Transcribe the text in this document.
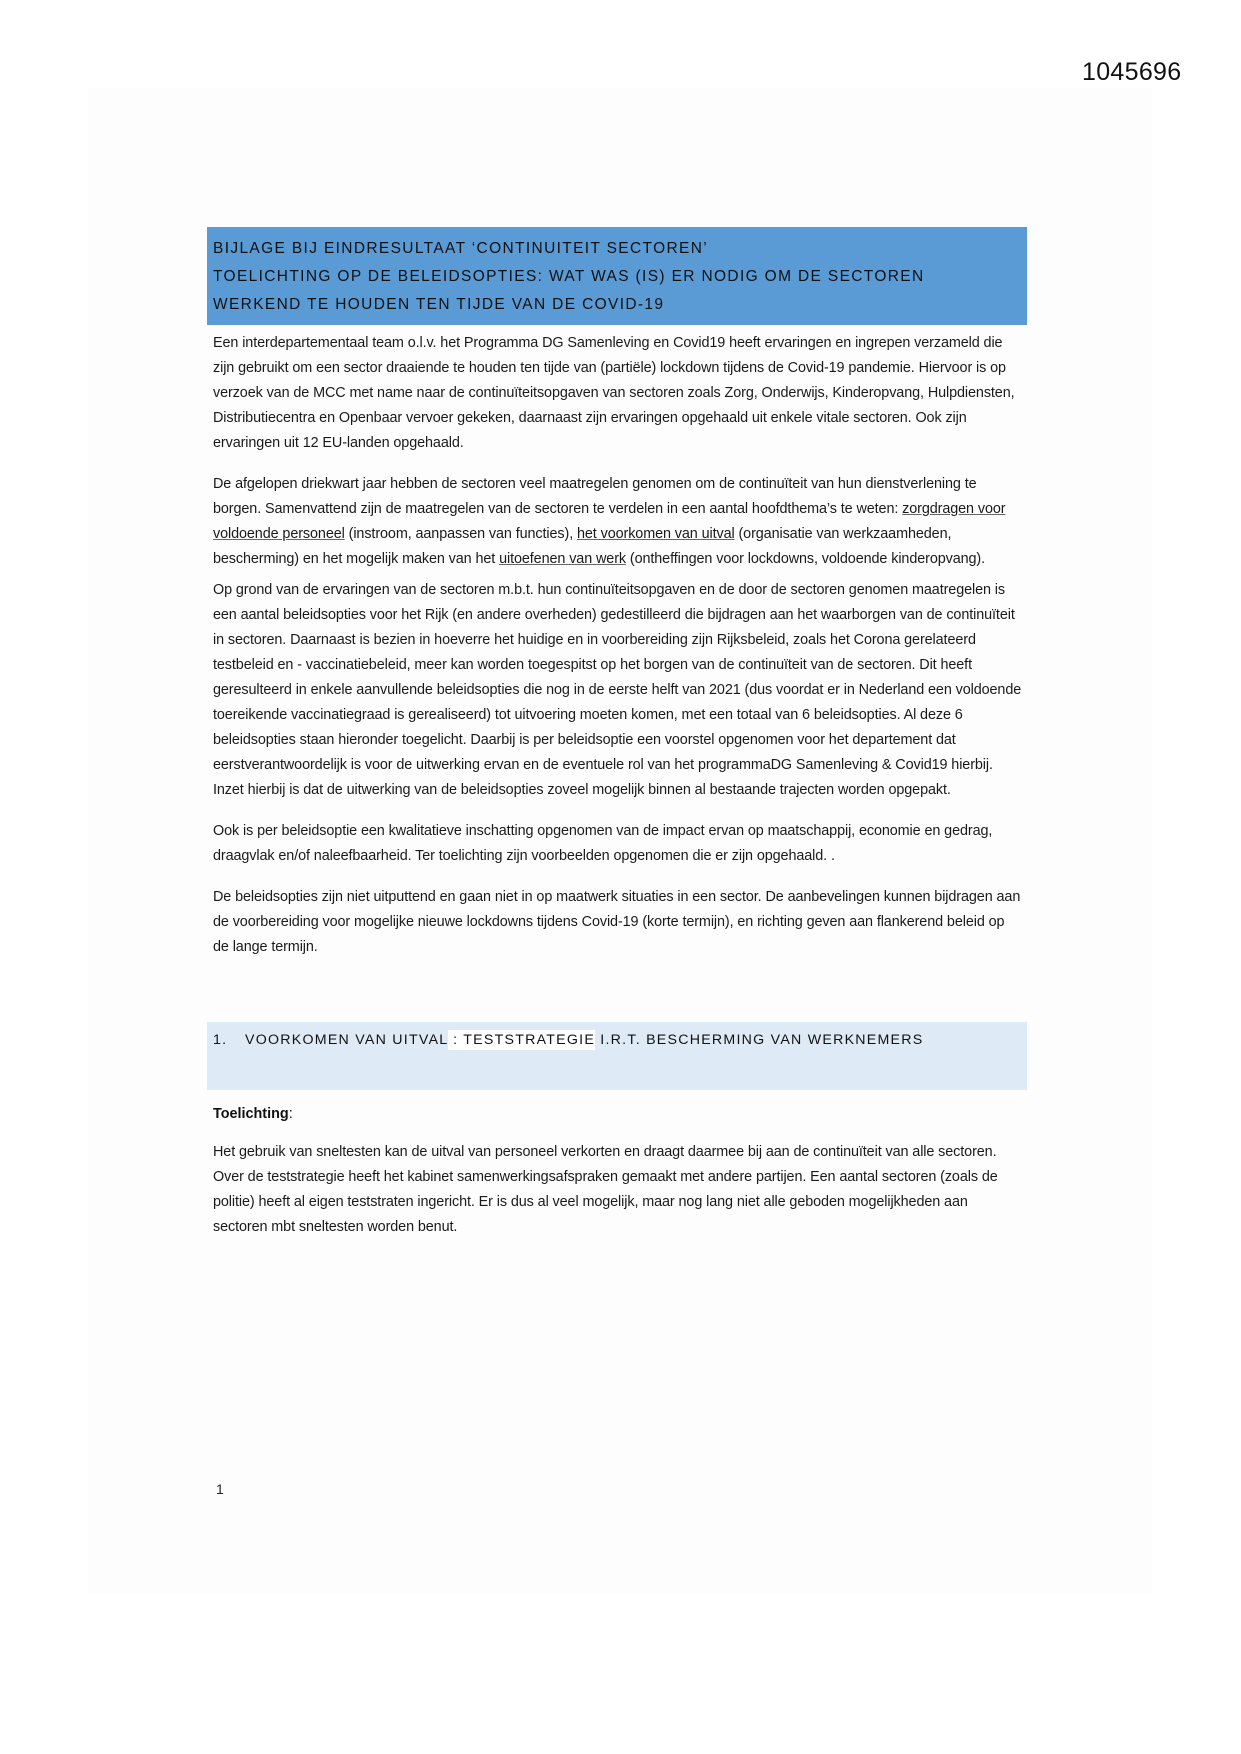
1045696
BIJLAGE BIJ EINDRESULTAAT ‘CONTINUITEIT SECTOREN’
TOELICHTING OP DE BELEIDSOPTIES: WAT WAS (IS) ER NODIG OM DE SECTOREN
WERKEND TE HOUDEN TEN TIJDE VAN DE COVID-19

Een interdepartementaal team o.l.v. het Programma DG Samenleving en Covid19 heeft ervaringen en ingrepen verzameld die zijn gebruikt om een sector draaiende te houden ten tijde van (partiële) lockdown tijdens de Covid-19 pandemie. Hiervoor is op verzoek van de MCC met name naar de continuïteitsopgaven van sectoren zoals Zorg, Onderwijs, Kinderopvang, Hulpdiensten, Distributiecentra en Openbaar vervoer gekeken, daarnaast zijn ervaringen opgehaald uit enkele vitale sectoren. Ook zijn ervaringen uit 12 EU-landen opgehaald.

De afgelopen driekwart jaar hebben de sectoren veel maatregelen genomen om de continuïteit van hun dienstverlening te borgen. Samenvattend zijn de maatregelen van de sectoren te verdelen in een aantal hoofdthema’s te weten: zorgdragen voor voldoende personeel (instroom, aanpassen van functies), het voorkomen van uitval (organisatie van werkzaamheden, bescherming) en het mogelijk maken van het uitoefenen van werk (ontheffingen voor lockdowns, voldoende kinderopvang).

Op grond van de ervaringen van de sectoren m.b.t. hun continuïteitsopgaven en de door de sectoren genomen maatregelen is een aantal beleidsopties voor het Rijk (en andere overheden) gedestilleerd die bijdragen aan het waarborgen van de continuïteit in sectoren. Daarnaast is bezien in hoeverre het huidige en in voorbereiding zijn Rijksbeleid, zoals het Corona gerelateerd testbeleid en - vaccinatiebeleid, meer kan worden toegespitst op het borgen van de continuïteit van de sectoren. Dit heeft geresulteerd in enkele aanvullende beleidsopties die nog in de eerste helft van 2021 (dus voordat er in Nederland een voldoende toereikende vaccinatiegraad is gerealiseerd) tot uitvoering moeten komen, met een totaal van 6 beleidsopties. Al deze 6 beleidsopties staan hieronder toegelicht. Daarbij is per beleidsoptie een voorstel opgenomen voor het departement dat eerstverantwoordelijk is voor de uitwerking ervan en de eventuele rol van het programmaDG Samenleving & Covid19 hierbij. Inzet hierbij is dat de uitwerking van de beleidsopties zoveel mogelijk binnen al bestaande trajecten worden opgepakt.

Ook is per beleidsoptie een kwalitatieve inschatting opgenomen van de impact ervan op maatschappij, economie en gedrag, draagvlak en/of naleefbaarheid. Ter toelichting zijn voorbeelden opgenomen die er zijn opgehaald. .

De beleidsopties zijn niet uitputtend en gaan niet in op maatwerk situaties in een sector. De aanbevelingen kunnen bijdragen aan de voorbereiding voor mogelijke nieuwe lockdowns tijdens Covid-19 (korte termijn), en richting geven aan flankerend beleid op de lange termijn.

1. VOORKOMEN VAN UITVAL : TESTSTRATEGIE I.R.T. BESCHERMING VAN WERKNEMERS
Toelichting:

Het gebruik van sneltesten kan de uitval van personeel verkorten en draagt daarmee bij aan de continuïteit van alle sectoren. Over de teststrategie heeft het kabinet samenwerkingsafspraken gemaakt met andere partijen. Een aantal sectoren (zoals de politie) heeft al eigen teststraten ingericht. Er is dus al veel mogelijk, maar nog lang niet alle geboden mogelijkheden aan sectoren mbt sneltesten worden benut.

1
